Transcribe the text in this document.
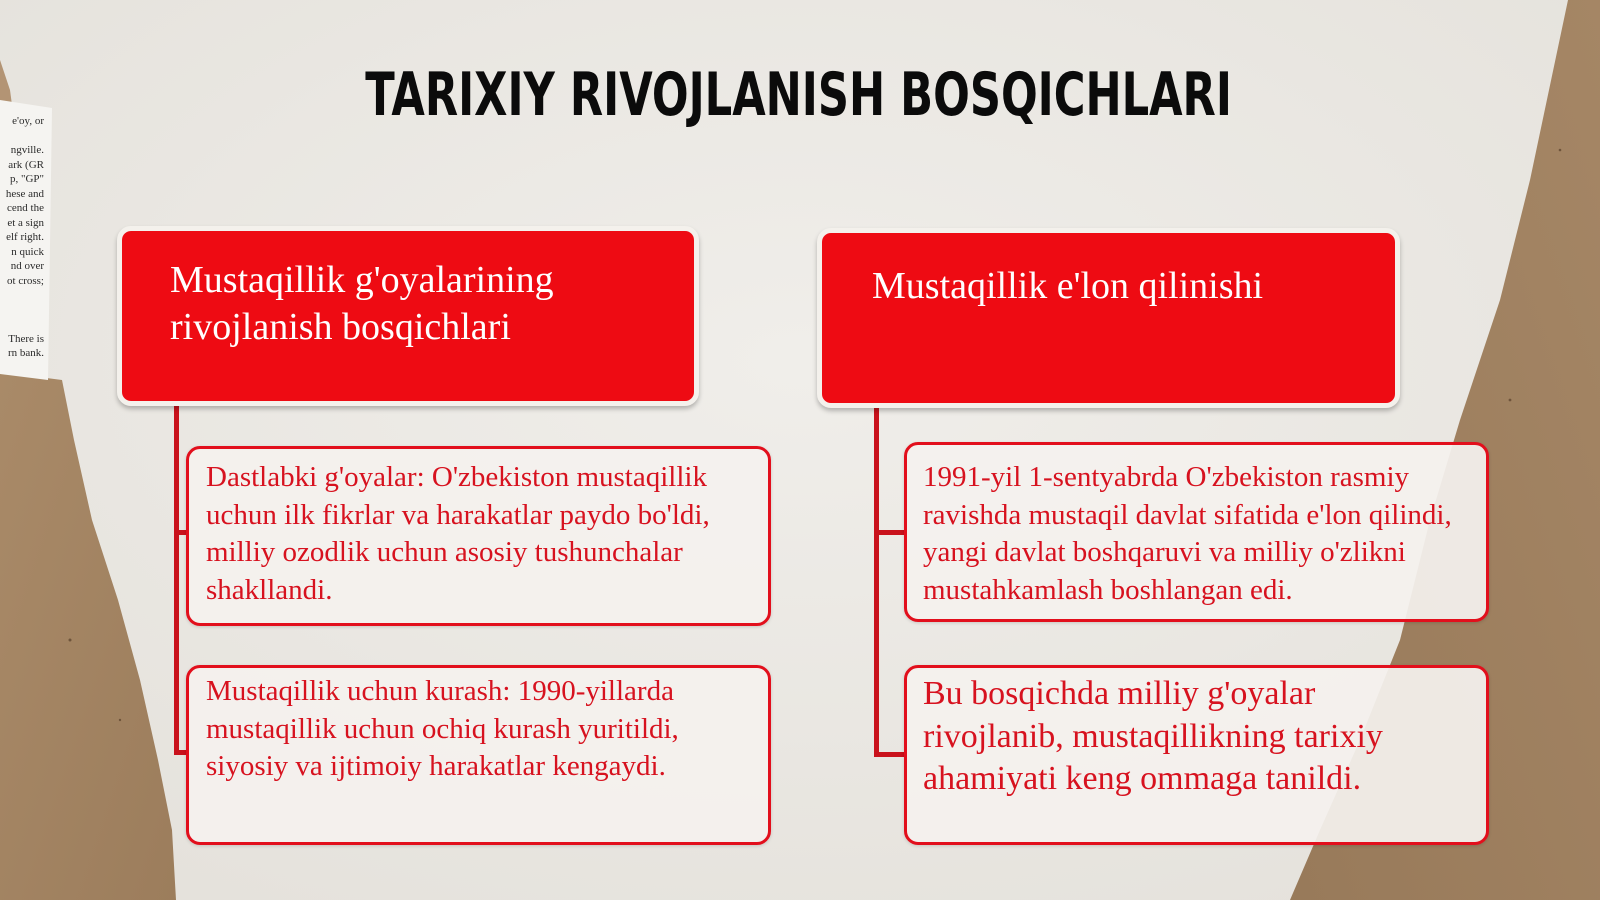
e'oy, or

ngville.
ark (GR
p, "GP"
hese and
cend the
et a sign
elf right.
n quick
nd over
ot cross;

There is
rn bank.
TARIXIY RIVOJLANISH BOSQICHLARI
Mustaqillik g'oyalarining rivojlanish bosqichlari
Mustaqillik e'lon qilinishi
Dastlabki g'oyalar: O'zbekiston mustaqillik uchun ilk fikrlar va harakatlar paydo bo'ldi, milliy ozodlik uchun asosiy tushunchalar shakllandi.
Mustaqillik uchun kurash: 1990-yillarda mustaqillik uchun ochiq kurash yuritildi, siyosiy va ijtimoiy harakatlar kengaydi.
1991-yil 1-sentyabrda O'zbekiston rasmiy ravishda mustaqil davlat sifatida e'lon qilindi, yangi davlat boshqaruvi va milliy o'zlikni mustahkamlash boshlangan edi.
Bu bosqichda milliy g'oyalar rivojlanib, mustaqillikning tarixiy ahamiyati keng ommaga tanildi.
